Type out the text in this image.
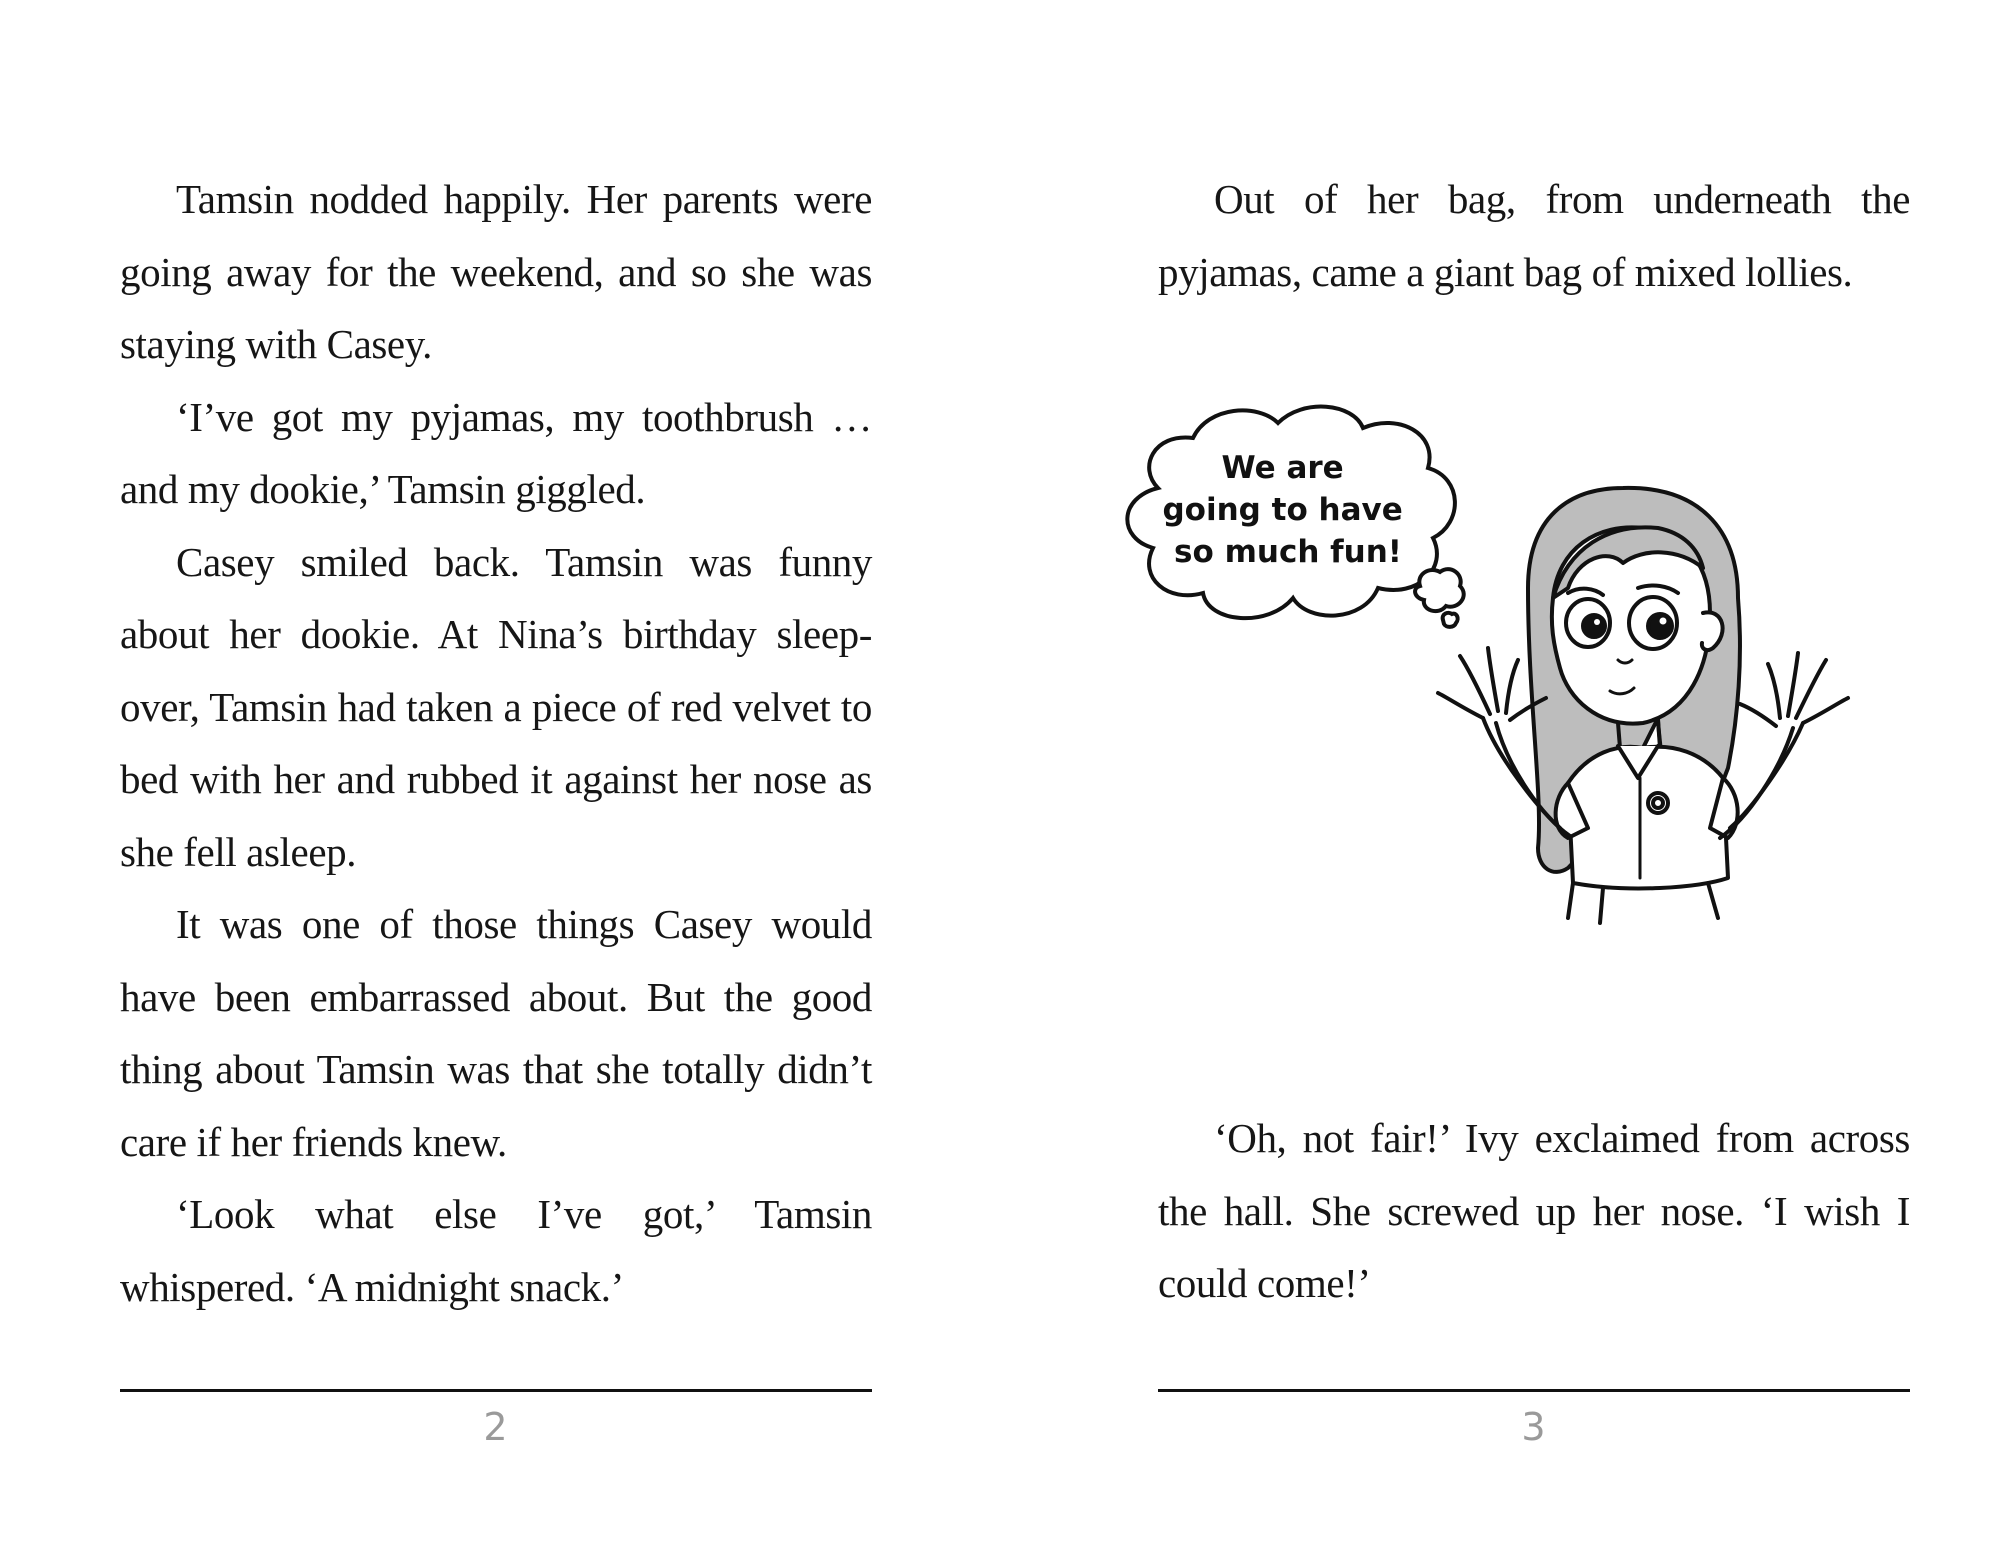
Tamsin nodded happily. Her parents were going away for the weekend, and so she was staying with Casey.

‘I’ve got my pyjamas, my toothbrush … and my dookie,’ Tamsin giggled.

Casey smiled back. Tamsin was funny about her dookie. At Nina’s birthday sleep-over, Tamsin had taken a piece of red velvet to bed with her and rubbed it against her nose as she fell asleep.

It was one of those things Casey would have been embarrassed about. But the good thing about Tamsin was that she totally didn’t care if her friends knew.

‘Look what else I’ve got,’ Tamsin whispered. ‘A midnight snack.’

2

Out of her bag, from underneath the pyjamas, came a giant bag of mixed lollies.

We are going to have so much fun!

‘Oh, not fair!’ Ivy exclaimed from across the hall. She screwed up her nose. ‘I wish I could come!’

3
